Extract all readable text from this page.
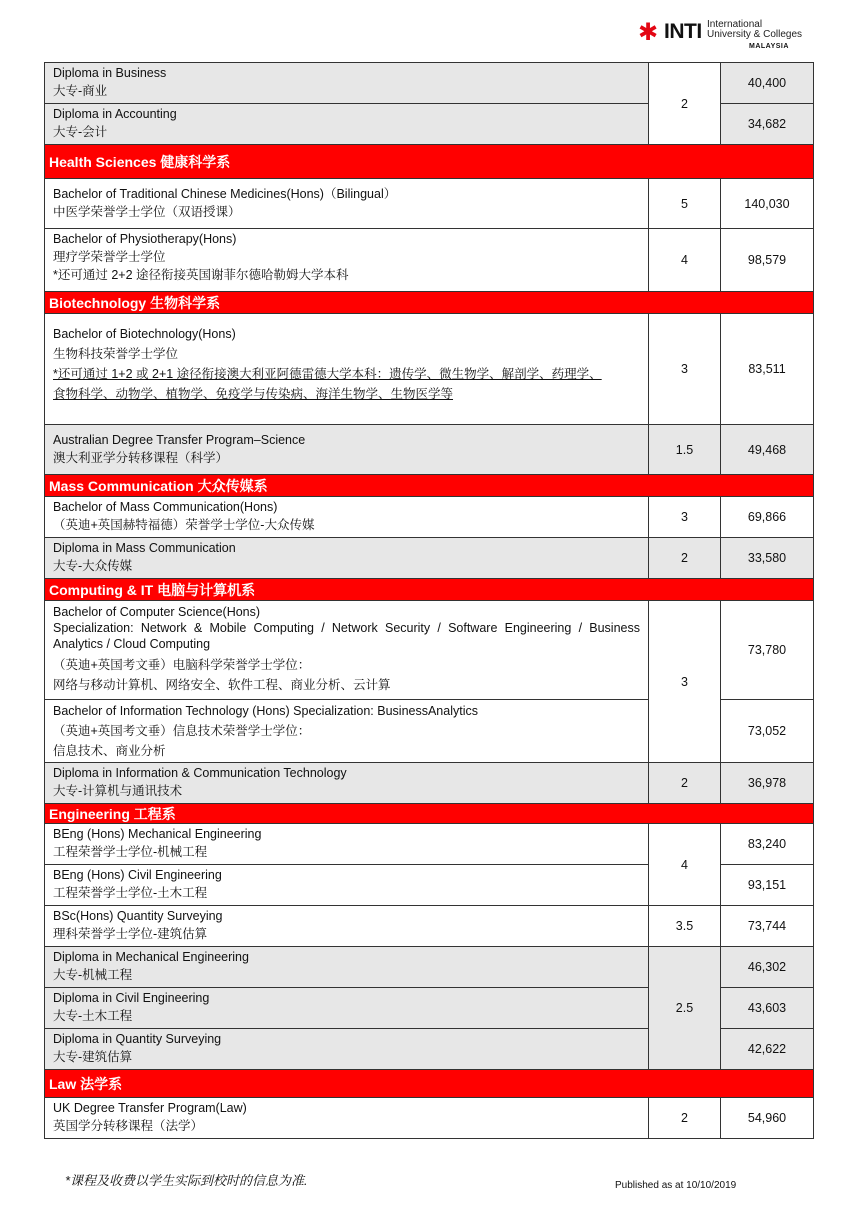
✱ INTI International
University & Colleges
MALAYSIA
Diploma in Business
大专-商业	2	40,400

Diploma in Accounting
大专-会计		34,682
Health Sciences 健康科学系		

Bachelor of Traditional Chinese Medicines(Hons)（Bilingual）
中医学荣誉学士学位（双语授课）	5	140,030

Bachelor of Physiotherapy(Hons)
理疗学荣誉学士学位
*还可通过 2+2 途径衔接英国谢菲尔德哈勒姆大学本科	4	98,579
Biotechnology 生物科学系		

Bachelor of Biotechnology(Hons)
生物科技荣誉学士学位
*还可通过 1+2 或 2+1 途径衔接澳大利亚阿德雷德大学本科：遗传学、微生物学、解剖学、药理学、
食物科学、动物学、植物学、免疫学与传染病、海洋生物学、生物医学等	3	83,511

Australian Degree Transfer Program–Science
澳大利亚学分转移课程（科学）	1.5	49,468
Mass Communication 大众传媒系		

Bachelor of Mass Communication(Hons)
（英迪+英国赫特福德）荣誉学士学位-大众传媒	3	69,866

Diploma in Mass Communication
大专-大众传媒	2	33,580
Computing & IT 电脑与计算机系		

Bachelor of Computer Science(Hons)
Specialization: Network & Mobile Computing / Network Security / Software Engineering / Business Analytics / Cloud Computing
（英迪+英国考文垂）电脑科学荣誉学士学位：
网络与移动计算机、网络安全、软件工程、商业分析、云计算	3	73,780

Bachelor of Information Technology (Hons) Specialization: BusinessAnalytics
（英迪+英国考文垂）信息技术荣誉学士学位：
信息技术、商业分析		73,052

Diploma in Information & Communication Technology
大专-计算机与通讯技术	2	36,978
Engineering 工程系		

BEng (Hons) Mechanical Engineering
工程荣誉学士学位-机械工程	4	83,240

BEng (Hons) Civil Engineering
工程荣誉学士学位-土木工程		93,151

BSc(Hons) Quantity Surveying
理科荣誉学士学位-建筑估算	3.5	73,744

Diploma in Mechanical Engineering
大专-机械工程	2.5	46,302

Diploma in Civil Engineering
大专-土木工程		43,603

Diploma in Quantity Surveying
大专-建筑估算		42,622
Law 法学系		

UK Degree Transfer Program(Law)
英国学分转移课程（法学）	2	54,960
*课程及收费以学生实际到校时的信息为准.	Published as at 10/10/2019
